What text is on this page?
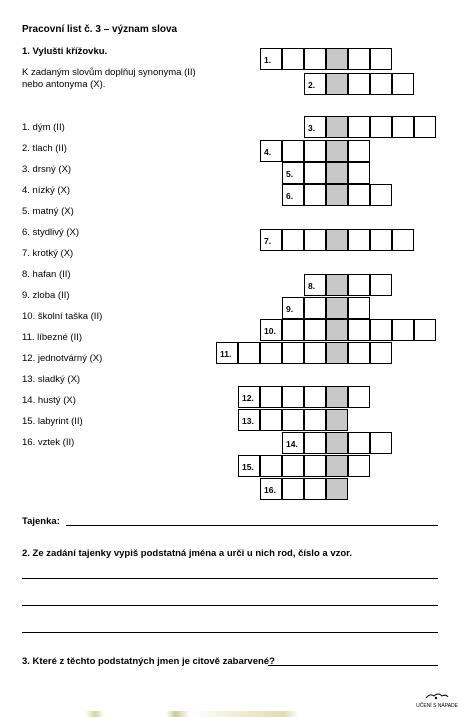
Pracovní list č. 3 – význam slova
1. Vylušti křížovku.
K zadaným slovům doplňuj synonyma (II)
nebo antonyma (X).
1. dým (II)
2. tlach (II)
3. drsný (X)
4. nízký (X)
5. matný (X)
6. stydlivý (X)
7. krotký (X)
8. hafan (II)
9. zloba (II)
10. školní taška (II)
11. líbezné (II)
12. jednotvárný (X)
13. sladký (X)
14. hustý (X)
15. labyrint (II)
16. vztek (II)
1.
2.
3.
4.
5.
6.
7.
8.
9.
10.
11.
12.
13.
14.
15.
16.
Tajenka:
2. Ze zadání tajenky vypiš podstatná jména a urči u nich rod, číslo a vzor.
3. Které z těchto podstatných jmen je citově zabarvené?
UČENÍ S NÁPADE
